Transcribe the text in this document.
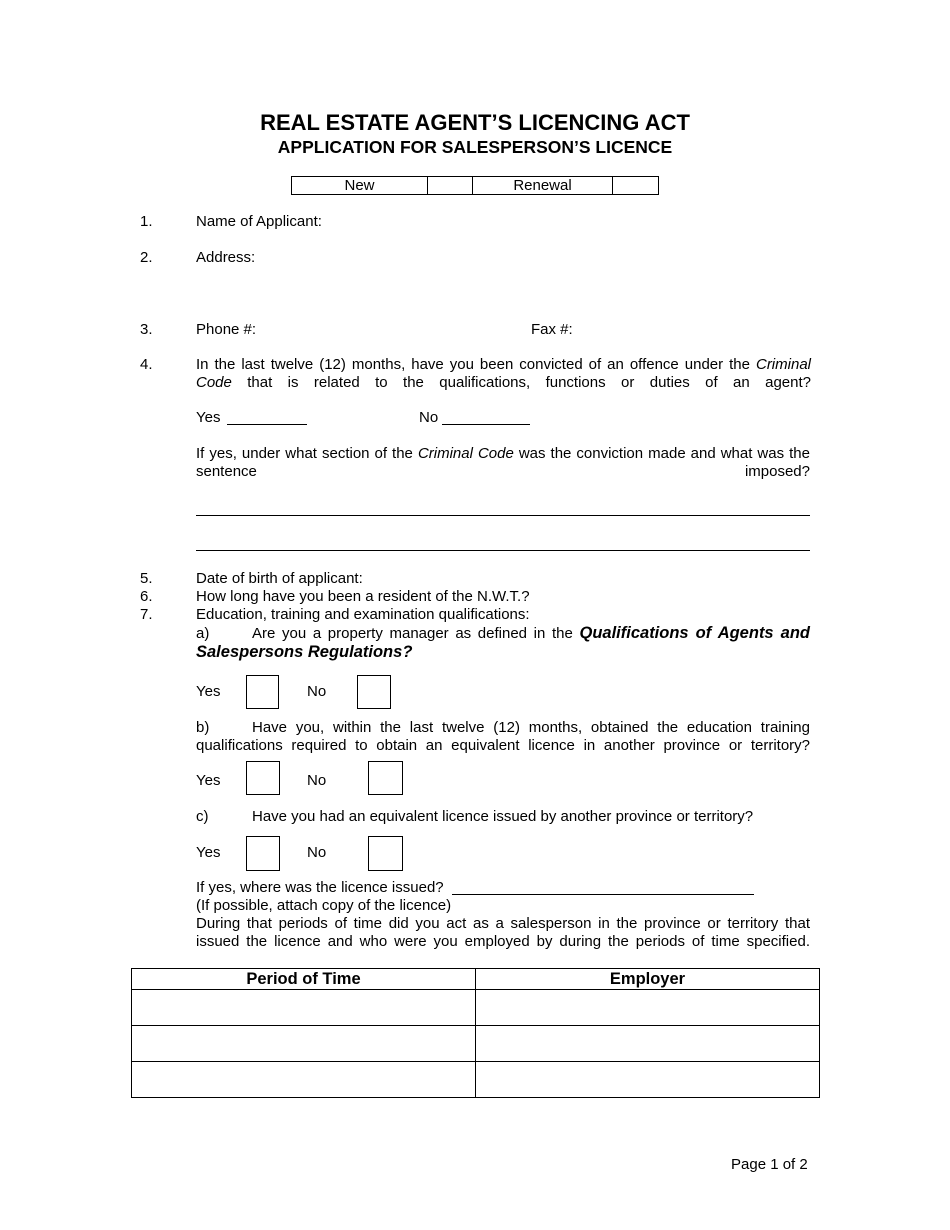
REAL ESTATE AGENT’S LICENCING ACT
APPLICATION FOR SALESPERSON’S LICENCE
New		Renewal	
1.	Name of Applicant:
2.	Address:
3.	Phone #:	Fax #:
4.	In the last twelve (12) months, have you been convicted of an offence under the Criminal Code that is related to the qualifications, functions or duties of an agent?
Yes	No
If yes, under what section of the Criminal Code was the conviction made and what was the sentence imposed?
5.	Date of birth of applicant:
6.	How long have you been a resident of the N.W.T.?
7.	Education, training and examination qualifications:
a)	Are you a property manager as defined in the Qualifications of Agents and Salespersons Regulations?
Yes	No
b)	Have you, within the last twelve (12) months, obtained the education training qualifications required to obtain an equivalent licence in another province or territory?
Yes	No
c)	Have you had an equivalent licence issued by another province or territory?
Yes	No
If yes, where was the licence issued?
(If possible, attach copy of the licence)
During that periods of time did you act as a salesperson in the province or territory that issued the licence and who were you employed by during the periods of time specified.
Period of Time	Employer

Page 1 of 2
